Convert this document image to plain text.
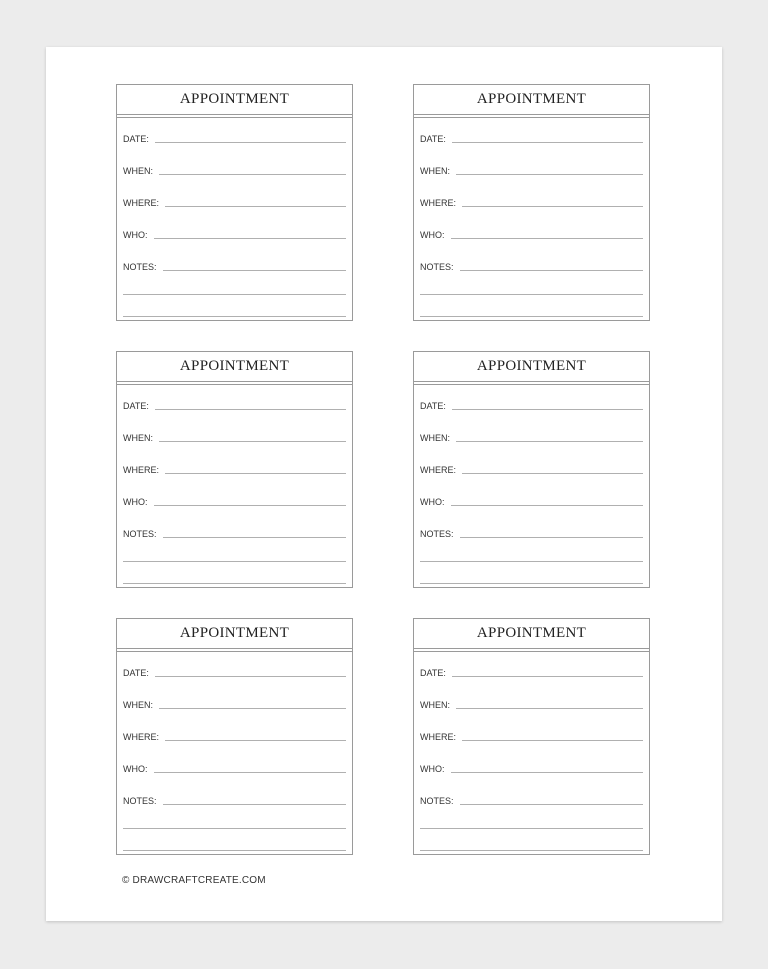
APPOINTMENT
DATE:
WHEN:
WHERE:
WHO:
NOTES:
APPOINTMENT
DATE:
WHEN:
WHERE:
WHO:
NOTES:
APPOINTMENT
DATE:
WHEN:
WHERE:
WHO:
NOTES:
APPOINTMENT
DATE:
WHEN:
WHERE:
WHO:
NOTES:
APPOINTMENT
DATE:
WHEN:
WHERE:
WHO:
NOTES:
APPOINTMENT
DATE:
WHEN:
WHERE:
WHO:
NOTES:
© DRAWCRAFTCREATE.COM
